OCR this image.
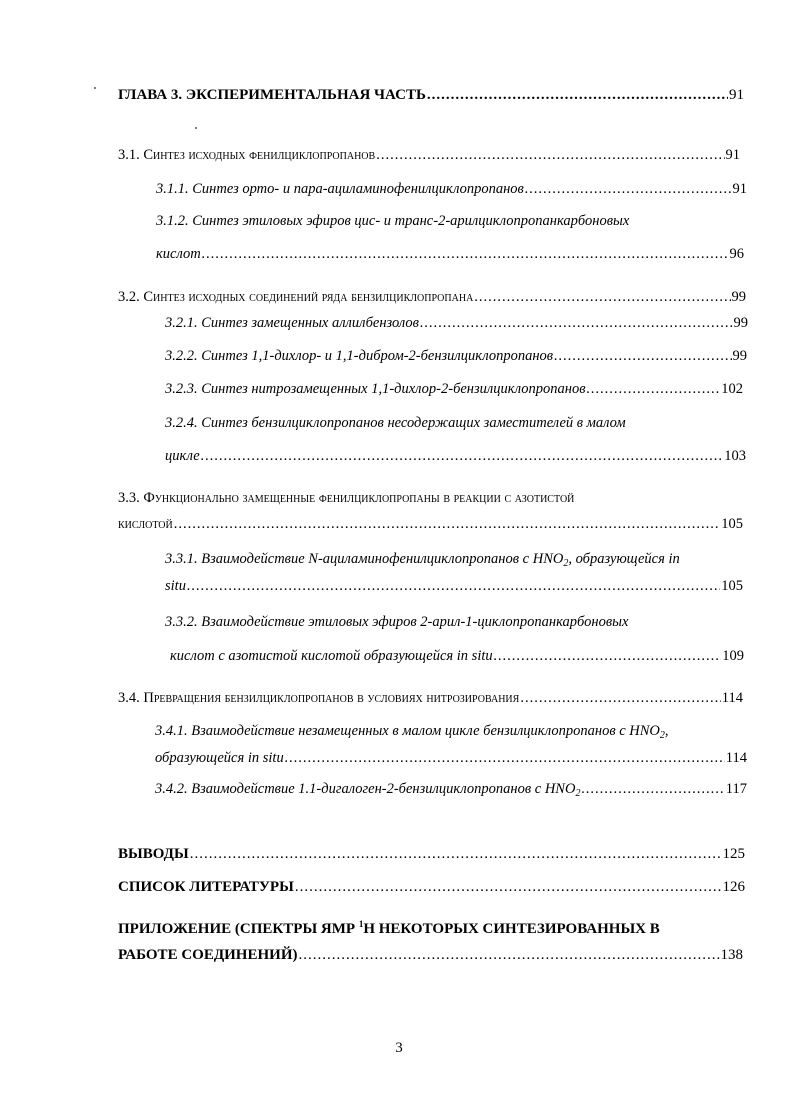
ГЛАВА 3. ЭКСПЕРИМЕНТАЛЬНАЯ ЧАСТЬ .....	91
3.1. Синтез исходных фенилциклопропанов .....	91
3.1.1. Синтез орто- и пара-ациламинофенилциклопропанов .....	91
3.1.2. Синтез этиловых эфиров цис- и транс-2-арилциклопропанкарбоновых
кислот .....	96
3.2. Синтез исходных соединений ряда бензилциклопропана .....	99
3.2.1. Синтез замещенных аллилбензолов .....	99
3.2.2. Синтез 1,1-дихлор- и 1,1-дибром-2-бензилциклопропанов .....	99
3.2.3. Синтез нитрозамещенных 1,1-дихлор-2-бензилциклопропанов .....	102
3.2.4. Синтез бензилциклопропанов несодержащих заместителей в малом
цикле .....	103
3.3. Функционально замещенные фенилциклопропаны в реакции с азотистой
кислотой .....	105
3.3.1. Взаимодействие N-ациламинофенилциклопропанов с $HNO_2$, образующейся in
situ .....	105
3.3.2. Взаимодействие этиловых эфиров 2-арил-1-циклопропанкарбоновых
кислот с азотистой кислотой образующейся in situ .....	109
3.4. Превращения бензилциклопропанов в условиях нитрозирования .....	114
3.4.1. Взаимодействие незамещенных в малом цикле бензилциклопропанов с $HNO_2$,
образующейся in situ .....	114
3.4.2. Взаимодействие 1.1-дигалоген-2-бензилциклопропанов с $HNO_2$ .....	117
ВЫВОДЫ .....	125
СПИСОК ЛИТЕРАТУРЫ .....	126
ПРИЛОЖЕНИЕ (СПЕКТРЫ ЯМР $^1$Н НЕКОТОРЫХ СИНТЕЗИРОВАННЫХ В
РАБОТЕ СОЕДИНЕНИЙ) .....	138
3
